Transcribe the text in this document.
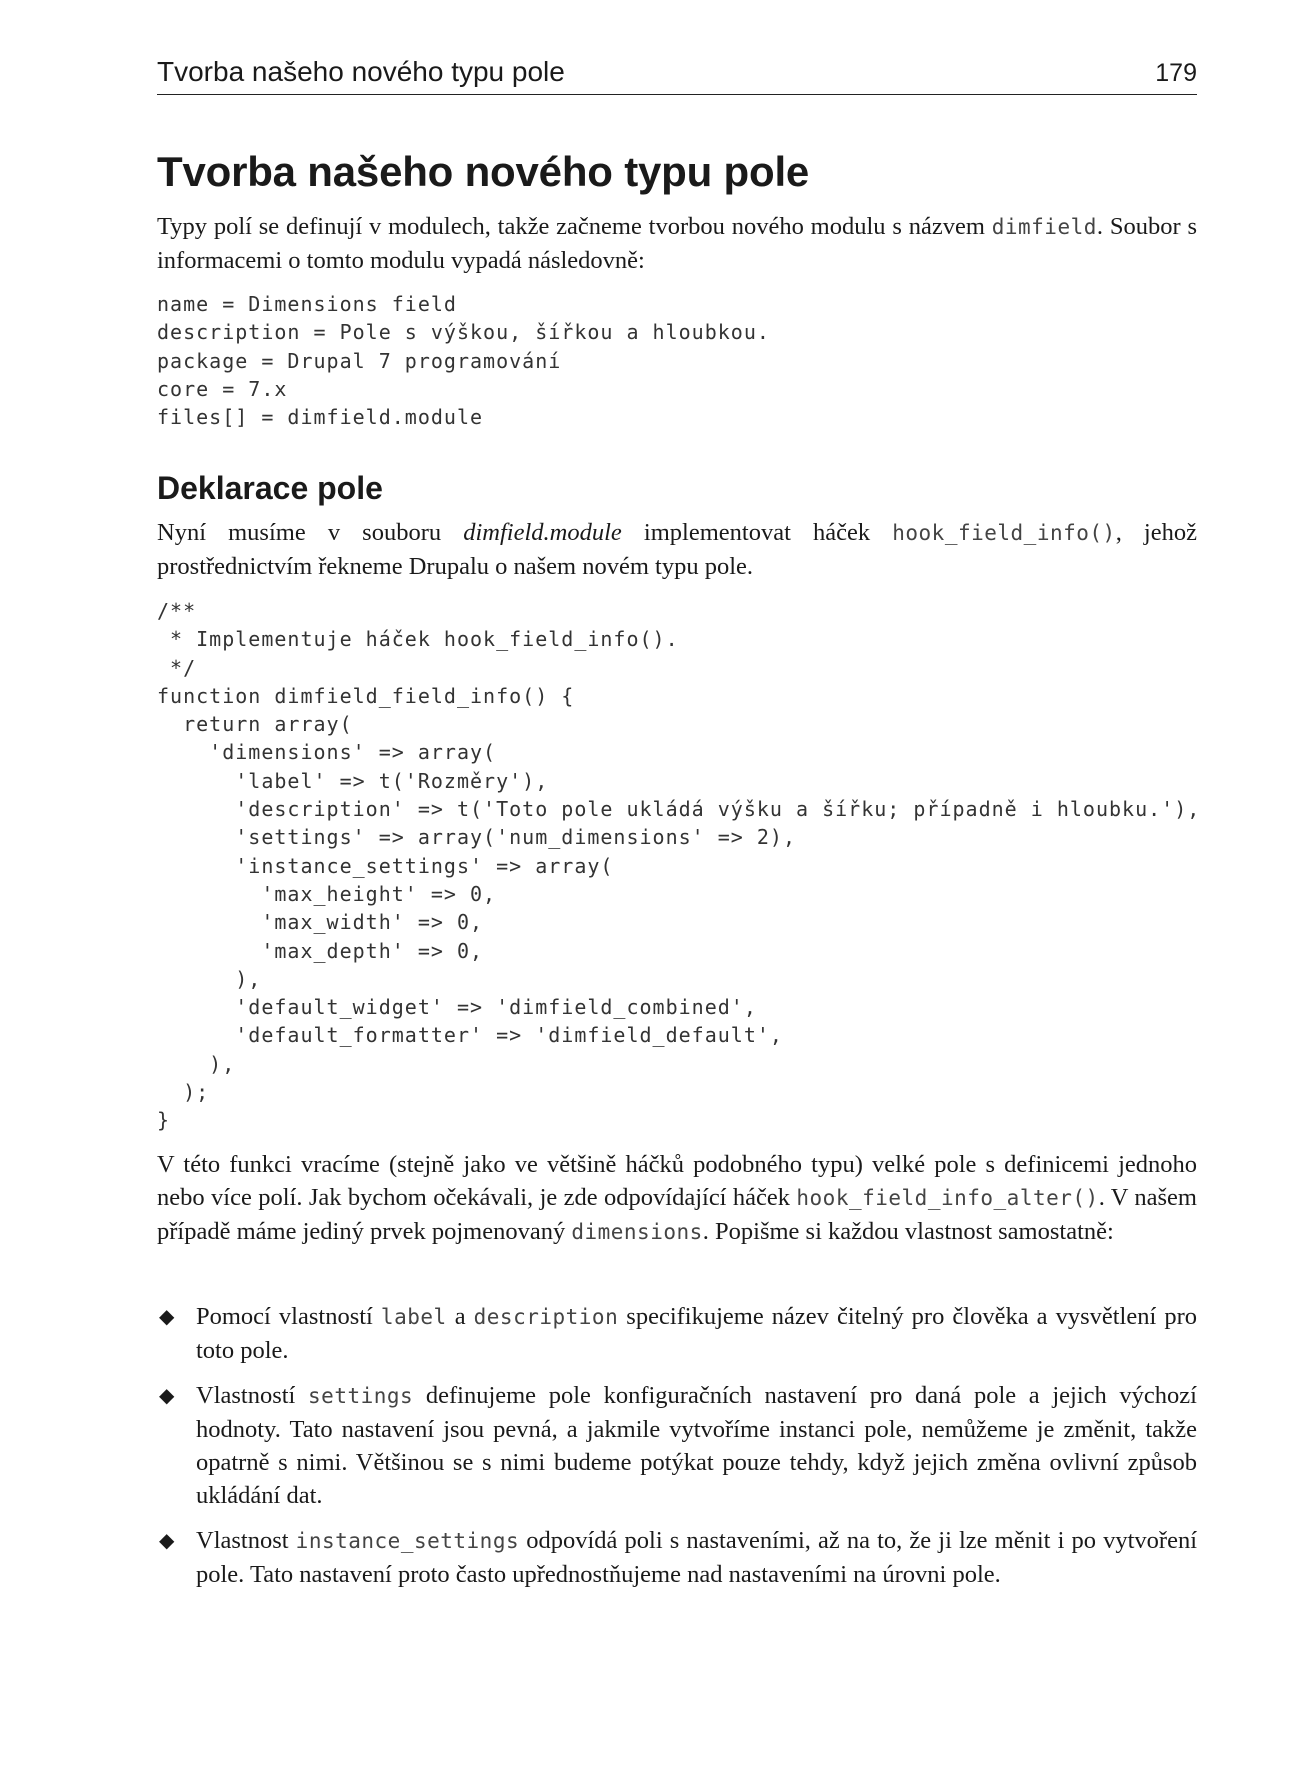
Tvorba našeho nového typu pole	179
Tvorba našeho nového typu pole

Typy polí se definují v modulech, takže začneme tvorbou nového modulu s názvem dimfield. Soubor s informacemi o tomto modulu vypadá následovně:

name = Dimensions field
description = Pole s výškou, šířkou a hloubkou.
package = Drupal 7 programování
core = 7.x
files[] = dimfield.module
Deklarace pole

Nyní musíme v souboru dimfield.module implementovat háček hook_field_info(), jehož prostřednictvím řekneme Drupalu o našem novém typu pole.

/**
* Implementuje háček hook_field_info().
*/
function dimfield_field_info() {
return array(
'dimensions' => array(
'label' => t('Rozměry'),
'description' => t('Toto pole ukládá výšku a šířku; případně i hloubku.'),
'settings' => array('num_dimensions' => 2),
'instance_settings' => array(
'max_height' => 0,
'max_width' => 0,
'max_depth' => 0,
),
'default_widget' => 'dimfield_combined',
'default_formatter' => 'dimfield_default',
),
);
}

V této funkci vracíme (stejně jako ve většině háčků podobného typu) velké pole s definicemi jednoho nebo více polí. Jak bychom očekávali, je zde odpovídající háček hook_field_info_alter(). V našem případě máme jediný prvek pojmenovaný dimensions. Popišme si každou vlastnost samostatně:

◆ Pomocí vlastností label a description specifikujeme název čitelný pro člověka a vysvětlení pro toto pole.
◆ Vlastností settings definujeme pole konfiguračních nastavení pro daná pole a jejich výchozí hodnoty. Tato nastavení jsou pevná, a jakmile vytvoříme instanci pole, nemůžeme je změnit, takže opatrně s nimi. Většinou se s nimi budeme potýkat pouze tehdy, když jejich změna ovlivní způsob ukládání dat.
◆ Vlastnost instance_settings odpovídá poli s nastaveními, až na to, že ji lze měnit i po vytvoření pole. Tato nastavení proto často upřednostňujeme nad nastaveními na úrovni pole.
